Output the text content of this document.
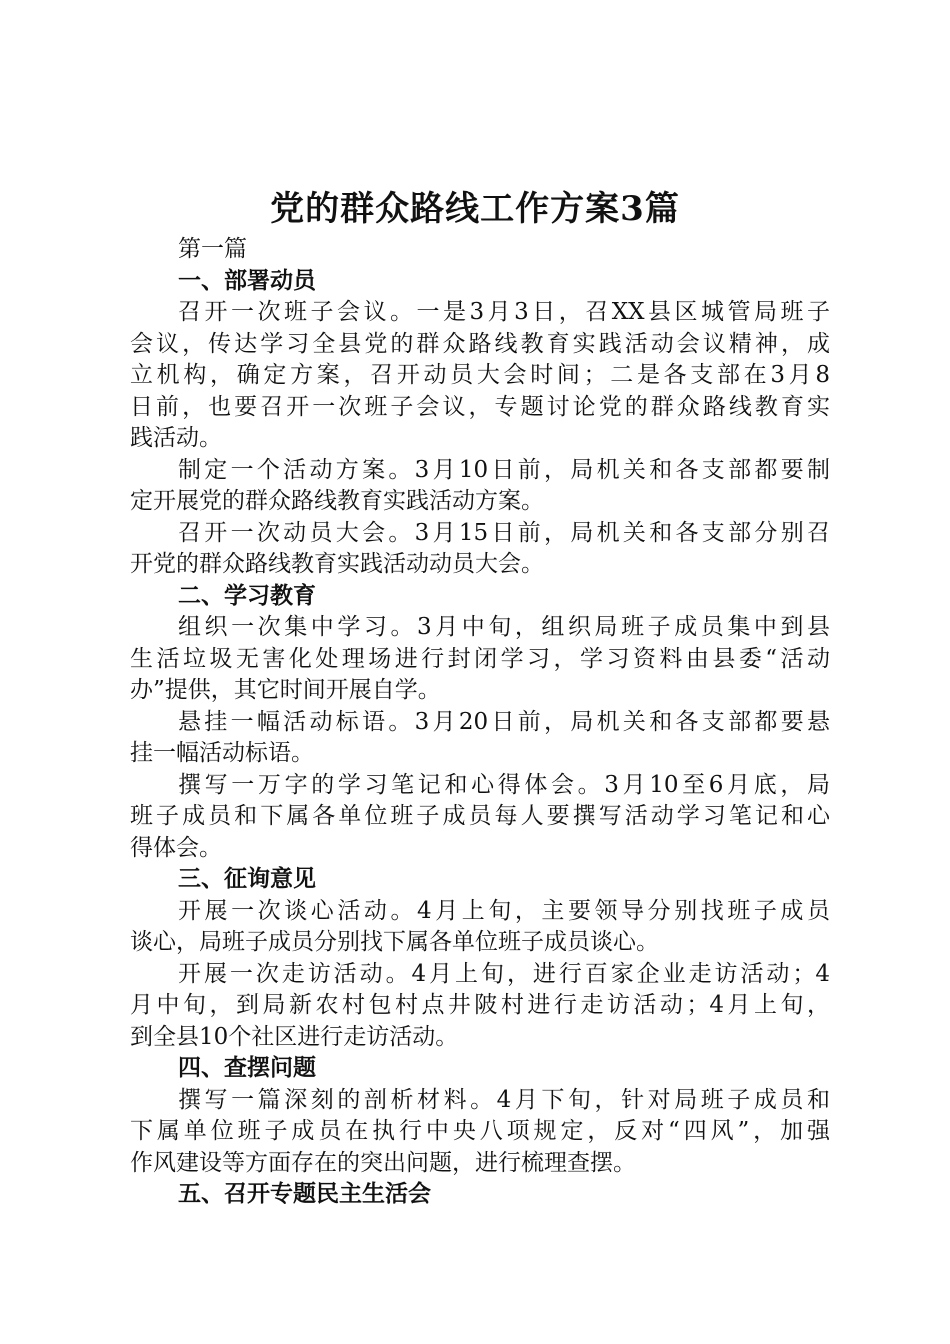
党的群众路线工作方案3篇
第一篇
一、部署动员
召开一次班子会议。一是3月3日，召XX县区城管局班子
会议，传达学习全县党的群众路线教育实践活动会议精神，成
立机构，确定方案，召开动员大会时间；二是各支部在3月8
日前，也要召开一次班子会议，专题讨论党的群众路线教育实
践活动。
制定一个活动方案。3月10日前，局机关和各支部都要制
定开展党的群众路线教育实践活动方案。
召开一次动员大会。3月15日前，局机关和各支部分别召
开党的群众路线教育实践活动动员大会。
二、学习教育
组织一次集中学习。3月中旬，组织局班子成员集中到县
生活垃圾无害化处理场进行封闭学习，学习资料由县委“活动
办”提供，其它时间开展自学。
悬挂一幅活动标语。3月20日前，局机关和各支部都要悬
挂一幅活动标语。
撰写一万字的学习笔记和心得体会。3月10至6月底，局
班子成员和下属各单位班子成员每人要撰写活动学习笔记和心
得体会。
三、征询意见
开展一次谈心活动。4月上旬，主要领导分别找班子成员
谈心，局班子成员分别找下属各单位班子成员谈心。
开展一次走访活动。4月上旬，进行百家企业走访活动；4
月中旬，到局新农村包村点井陂村进行走访活动；4月上旬，
到全县10个社区进行走访活动。
四、查摆问题
撰写一篇深刻的剖析材料。4月下旬，针对局班子成员和
下属单位班子成员在执行中央八项规定，反对“四风”，加强
作风建设等方面存在的突出问题，进行梳理查摆。
五、召开专题民主生活会
